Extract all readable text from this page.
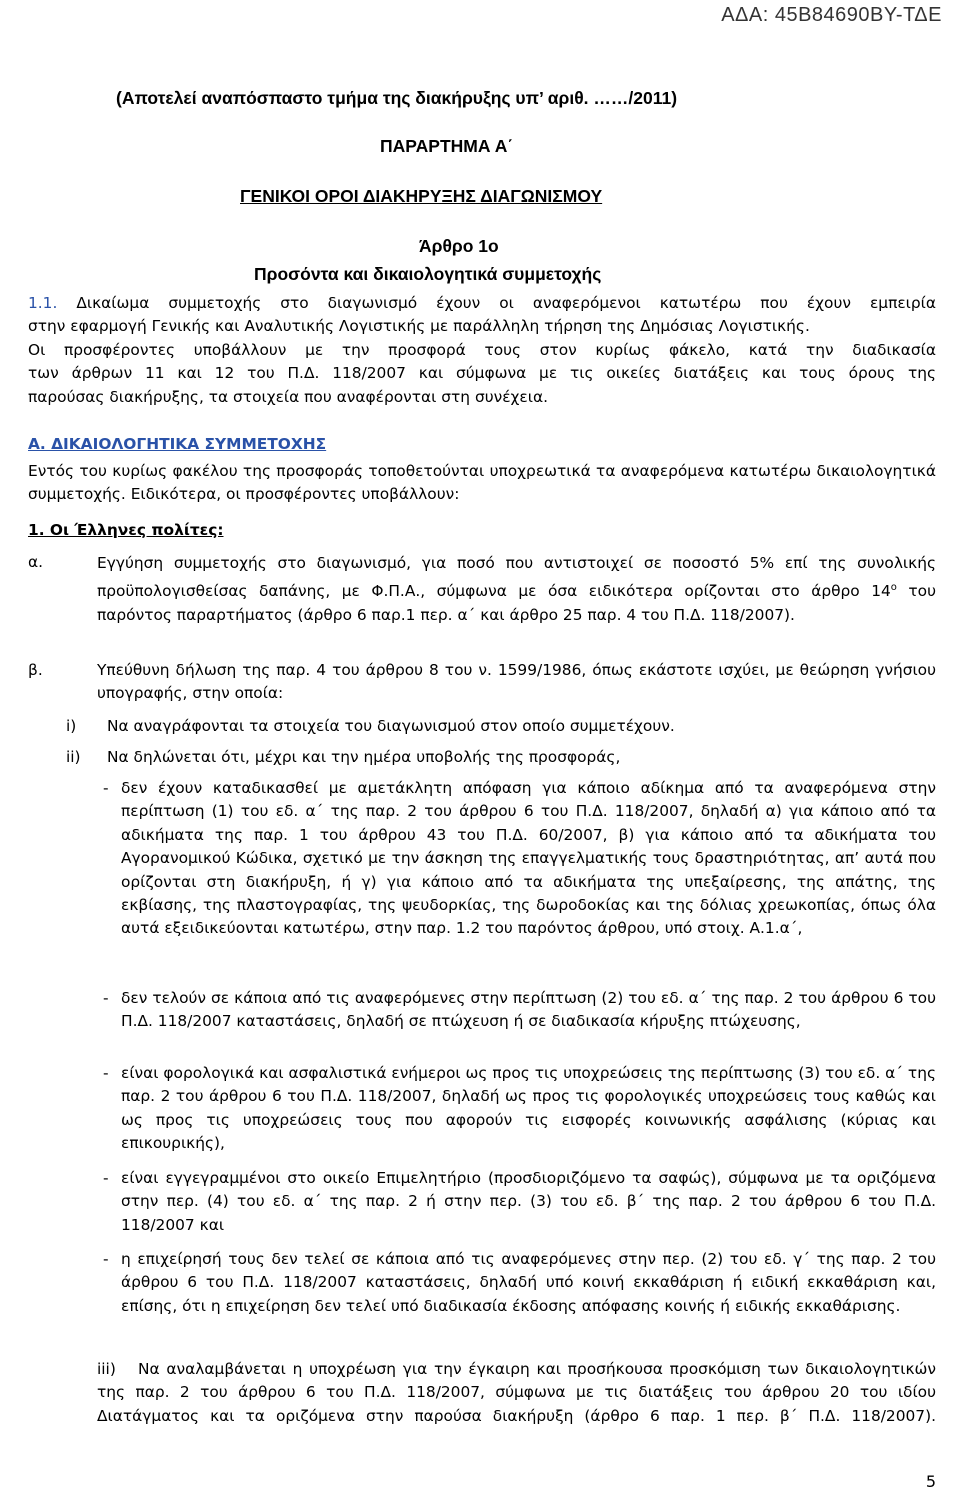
ΑΔΑ: 45Β84690ΒΥ-ΤΔΕ
(Αποτελεί αναπόσπαστο τμήμα της διακήρυξης υπ’ αριθ. ……/2011)
ΠΑΡΑΡΤΗΜΑ Α΄
ΓΕΝΙΚΟΙ ΟΡΟΙ ΔΙΑΚΗΡΥΞΗΣ ΔΙΑΓΩΝΙΣΜΟΥ
Άρθρο 1ο
Προσόντα και δικαιολογητικά συμμετοχής
1.1. Δικαίωμα συμμετοχής στο διαγωνισμό έχουν οι αναφερόμενοι κατωτέρω που έχουν εμπειρία
στην εφαρμογή Γενικής και Αναλυτικής Λογιστικής με παράλληλη τήρηση της Δημόσιας Λογιστικής.
Οι προσφέροντες υποβάλλουν με την προσφορά τους στον κυρίως φάκελο, κατά την διαδικασία
των άρθρων 11 και 12 του Π.Δ. 118/2007 και σύμφωνα με τις οικείες διατάξεις και τους όρους της
παρούσας διακήρυξης, τα στοιχεία που αναφέρονται στη συνέχεια.
Α. ΔΙΚΑΙΟΛΟΓΗΤΙΚΑ ΣΥΜΜΕΤΟΧΗΣ
Εντός του κυρίως φακέλου της προσφοράς τοποθετούνται υποχρεωτικά τα αναφερόμενα κατωτέρω δικαιολογητικά συμμετοχής. Ειδικότερα, οι προσφέροντες υποβάλλουν:
1. Οι Έλληνες πολίτες:
α.	Εγγύηση συμμετοχής στο διαγωνισμό, για ποσό που αντιστοιχεί σε ποσοστό 5% επί της συνολικής προϋπολογισθείσας δαπάνης, με Φ.Π.Α., σύμφωνα με όσα ειδικότερα ορίζονται στο άρθρο $14^o$ του παρόντος παραρτήματος (άρθρο 6 παρ.1 περ. α΄ και άρθρο 25 παρ. 4 του Π.Δ. 118/2007).
β.	Υπεύθυνη δήλωση της παρ. 4 του άρθρου 8 του ν. 1599/1986, όπως εκάστοτε ισχύει, με θεώρηση γνήσιου υπογραφής, στην οποία:
i) Να αναγράφονται τα στοιχεία του διαγωνισμού στον οποίο συμμετέχουν.
ii) Να δηλώνεται ότι, μέχρι και την ημέρα υποβολής της προσφοράς,
- δεν έχουν καταδικασθεί με αμετάκλητη απόφαση για κάποιο αδίκημα από τα αναφερόμενα στην περίπτωση (1) του εδ. α΄ της παρ. 2 του άρθρου 6 του Π.Δ. 118/2007, δηλαδή α) για κάποιο από τα αδικήματα της παρ. 1 του άρθρου 43 του Π.Δ. 60/2007, β) για κάποιο από τα αδικήματα του Αγορανομικού Κώδικα, σχετικό με την άσκηση της επαγγελματικής τους δραστηριότητας, απ’ αυτά που ορίζονται στη διακήρυξη, ή γ) για κάποιο από τα αδικήματα της υπεξαίρεσης, της απάτης, της εκβίασης, της πλαστογραφίας, της ψευδορκίας, της δωροδοκίας και της δόλιας χρεωκοπίας, όπως όλα αυτά εξειδικεύονται κατωτέρω, στην παρ. 1.2 του παρόντος άρθρου, υπό στοιχ. Α.1.α΄,
- δεν τελούν σε κάποια από τις αναφερόμενες στην περίπτωση (2) του εδ. α΄ της παρ. 2 του άρθρου 6 του Π.Δ. 118/2007 καταστάσεις, δηλαδή σε πτώχευση ή σε διαδικασία κήρυξης πτώχευσης,
- είναι φορολογικά και ασφαλιστικά ενήμεροι ως προς τις υποχρεώσεις της περίπτωσης (3) του εδ. α΄ της παρ. 2 του άρθρου 6 του Π.Δ. 118/2007, δηλαδή ως προς τις φορολογικές υποχρεώσεις τους καθώς και ως προς τις υποχρεώσεις τους που αφορούν τις εισφορές κοινωνικής ασφάλισης (κύριας και επικουρικής),
- είναι εγγεγραμμένοι στο οικείο Επιμελητήριο (προσδιοριζόμενο τα σαφώς), σύμφωνα με τα οριζόμενα στην περ. (4) του εδ. α΄ της παρ. 2 ή στην περ. (3) του εδ. β΄ της παρ. 2 του άρθρου 6 του Π.Δ. 118/2007 και
- η επιχείρησή τους δεν τελεί σε κάποια από τις αναφερόμενες στην περ. (2) του εδ. γ΄ της παρ. 2 του άρθρου 6 του Π.Δ. 118/2007 καταστάσεις, δηλαδή υπό κοινή εκκαθάριση ή ειδική εκκαθάριση και, επίσης, ότι η επιχείρηση δεν τελεί υπό διαδικασία έκδοσης απόφασης κοινής ή ειδικής εκκαθάρισης.
iii)	Να αναλαμβάνεται η υποχρέωση για την έγκαιρη και προσήκουσα προσκόμιση των δικαιολογητικών της παρ. 2 του άρθρου 6 του Π.Δ. 118/2007, σύμφωνα με τις διατάξεις του άρθρου 20 του ιδίου Διατάγματος και τα οριζόμενα στην παρούσα διακήρυξη (άρθρο 6 παρ. 1 περ. β΄ Π.Δ. 118/2007).
5
